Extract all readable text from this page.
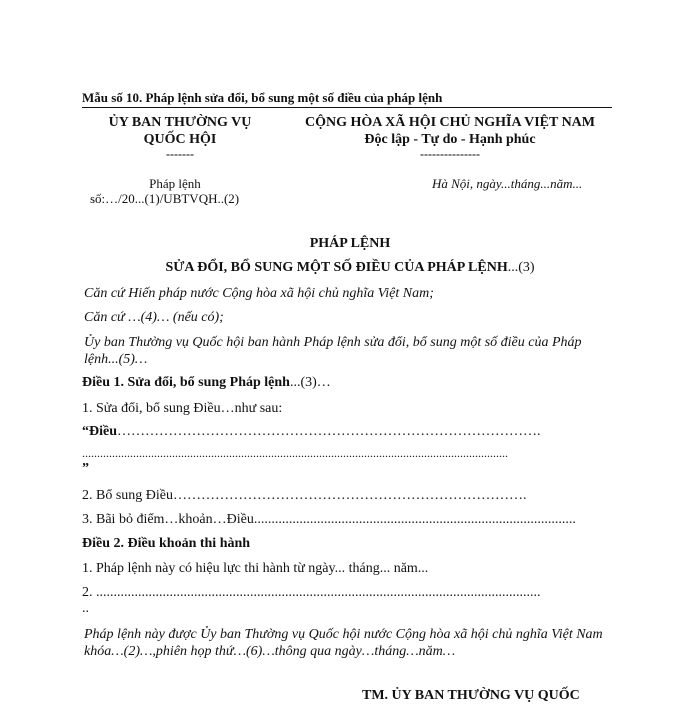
Mẫu số 10. Pháp lệnh sửa đổi, bổ sung một số điều của pháp lệnh
ỦY BAN THƯỜNG VỤ
QUỐC HỘI
-------
Pháp lệnh
số:…/20...(1)/UBTVQH..(2)
CỘNG HÒA XÃ HỘI CHỦ NGHĨA VIỆT NAM
Độc lập - Tự do - Hạnh phúc
---------------
Hà Nội, ngày...tháng...năm...
PHÁP LỆNH
SỬA ĐỔI, BỔ SUNG MỘT SỐ ĐIỀU CỦA PHÁP LỆNH...(3)
Căn cứ Hiến pháp nước Cộng hòa xã hội chủ nghĩa Việt Nam;
Căn cứ …(4)… (nếu có);
Ủy ban Thường vụ Quốc hội ban hành Pháp lệnh sửa đổi, bổ sung một số điều của Pháp lệnh...(5)…
Điều 1. Sửa đổi, bổ sung Pháp lệnh...(3)…
1. Sửa đổi, bổ sung Điều…như sau:
“Điều……………………………………………………………………………….
..............................................................................................................................................
”
2. Bổ sung Điều………………………………………………………………….
3. Bãi bỏ điểm…khoản…Điều............................................................................................
Điều 2. Điều khoản thi hành
1. Pháp lệnh này có hiệu lực thi hành từ ngày... tháng... năm...
2. ...............................................................................................................................
..
Pháp lệnh này được Ủy ban Thường vụ Quốc hội nước Cộng hòa xã hội chủ nghĩa Việt Nam khóa…(2)…,phiên họp thứ…(6)…thông qua ngày…tháng…năm…
TM. ỦY BAN THƯỜNG VỤ QUỐC
